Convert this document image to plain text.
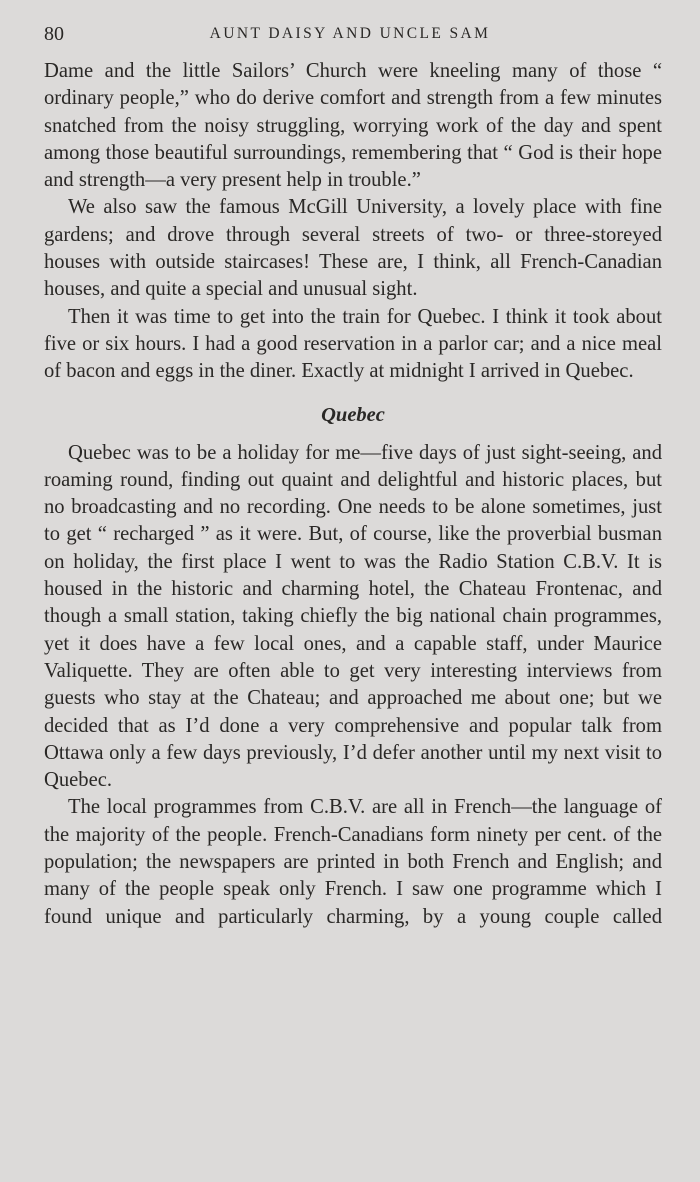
80	AUNT DAISY AND UNCLE SAM

Dame and the little Sailors’ Church were kneeling many of those “ ordinary people,” who do derive comfort and strength from a few minutes snatched from the noisy struggling, worrying work of the day and spent among those beautiful surroundings, remembering that “ God is their hope and strength—a very present help in trouble.”

We also saw the famous McGill University, a lovely place with fine gardens; and drove through several streets of two- or three-storeyed houses with outside staircases! These are, I think, all French-Canadian houses, and quite a special and unusual sight.

Then it was time to get into the train for Quebec. I think it took about five or six hours. I had a good reservation in a parlor car; and a nice meal of bacon and eggs in the diner. Exactly at midnight I arrived in Quebec.

Quebec

Quebec was to be a holiday for me—five days of just sight-seeing, and roaming round, finding out quaint and delightful and historic places, but no broadcasting and no recording. One needs to be alone sometimes, just to get “ recharged ” as it were. But, of course, like the proverbial busman on holiday, the first place I went to was the Radio Station C.B.V. It is housed in the historic and charming hotel, the Chateau Frontenac, and though a small station, taking chiefly the big national chain programmes, yet it does have a few local ones, and a capable staff, under Maurice Valiquette. They are often able to get very interesting interviews from guests who stay at the Chateau; and approached me about one; but we decided that as I’d done a very comprehensive and popular talk from Ottawa only a few days previously, I’d defer another until my next visit to Quebec.

The local programmes from C.B.V. are all in French—the language of the majority of the people. French-Canadians form ninety per cent. of the population; the newspapers are printed in both French and English; and many of the people speak only French. I saw one programme which I found unique and particularly charming, by a young couple called
